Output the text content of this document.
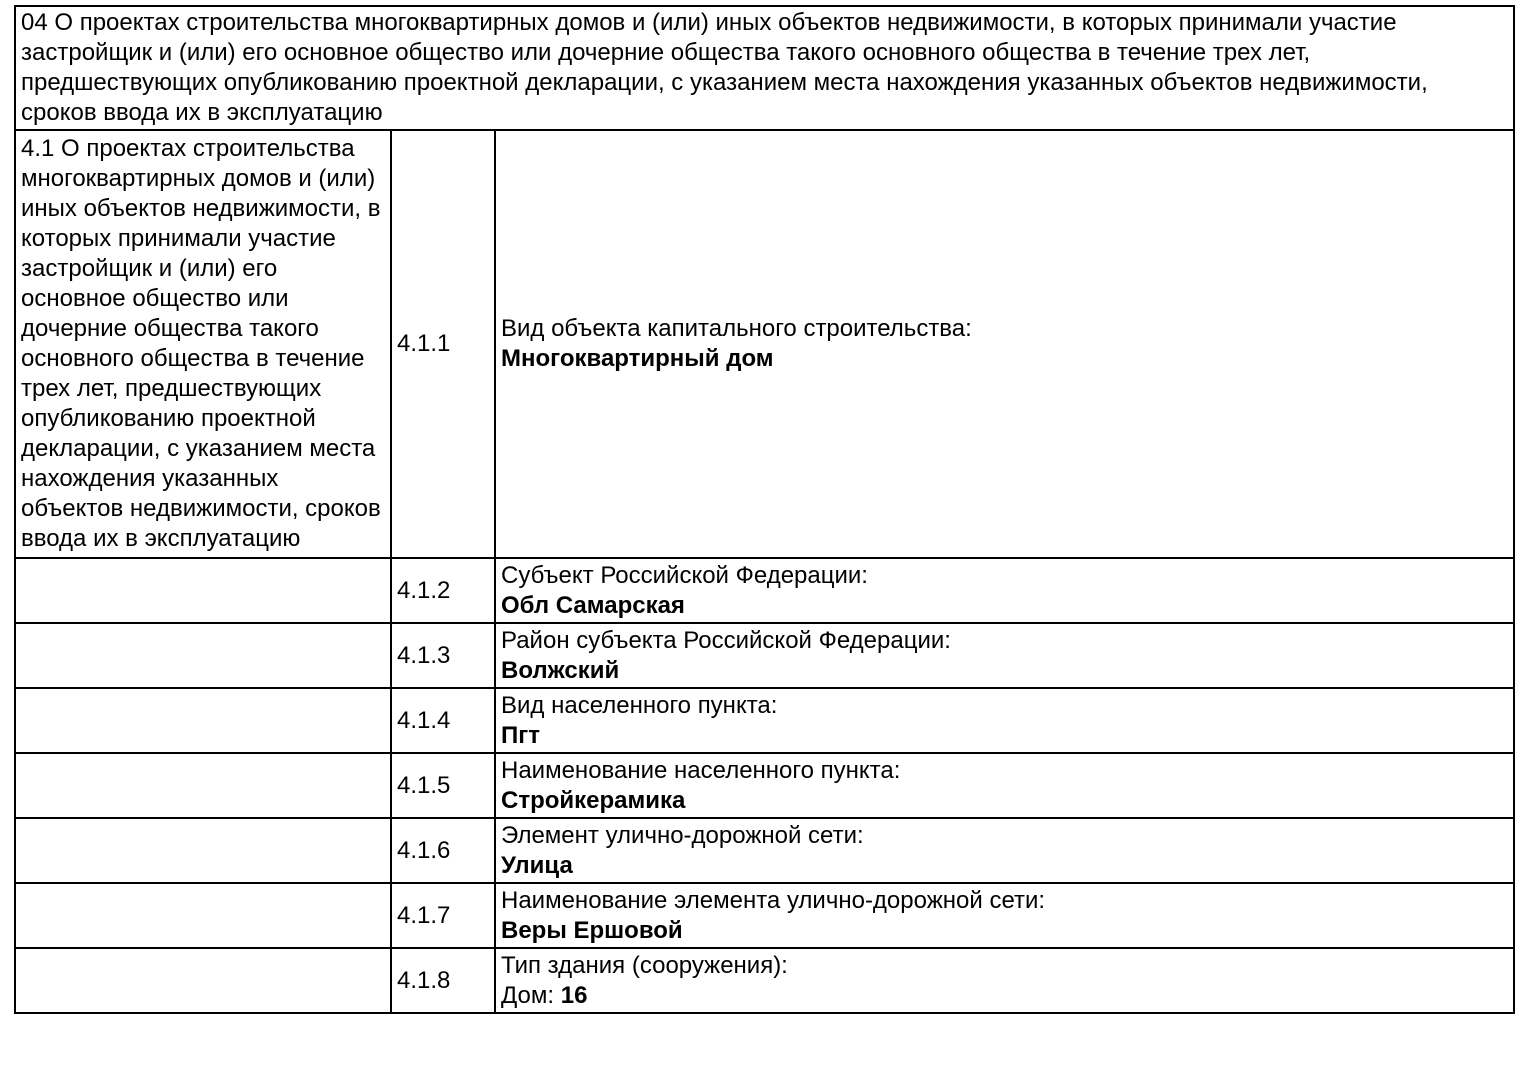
04 О проектах строительства многоквартирных домов и (или) иных объектов недвижимости, в которых принимали участие застройщик и (или) его основное общество или дочерние общества такого основного общества в течение трех лет, предшествующих опубликованию проектной декларации, с указанием места нахождения указанных объектов недвижимости, сроков ввода их в эксплуатацию		
4.1 О проектах строительства многоквартирных домов и (или) иных объектов недвижимости, в которых принимали участие застройщик и (или) его основное общество или дочерние общества такого основного общества в течение трех лет, предшествующих опубликованию проектной декларации, с указанием места нахождения указанных объектов недвижимости, сроков ввода их в эксплуатацию	4.1.1	Вид объекта капитального строительства:
Многоквартирный дом

	4.1.2	Субъект Российской Федерации:
Обл Самарская

	4.1.3	Район субъекта Российской Федерации:
Волжский

	4.1.4	Вид населенного пункта:
Пгт

	4.1.5	Наименование населенного пункта:
Стройкерамика

	4.1.6	Элемент улично-дорожной сети:
Улица

	4.1.7	Наименование элемента улично-дорожной сети:
Веры Ершовой

	4.1.8	Тип здания (сооружения):
Дом: 16
